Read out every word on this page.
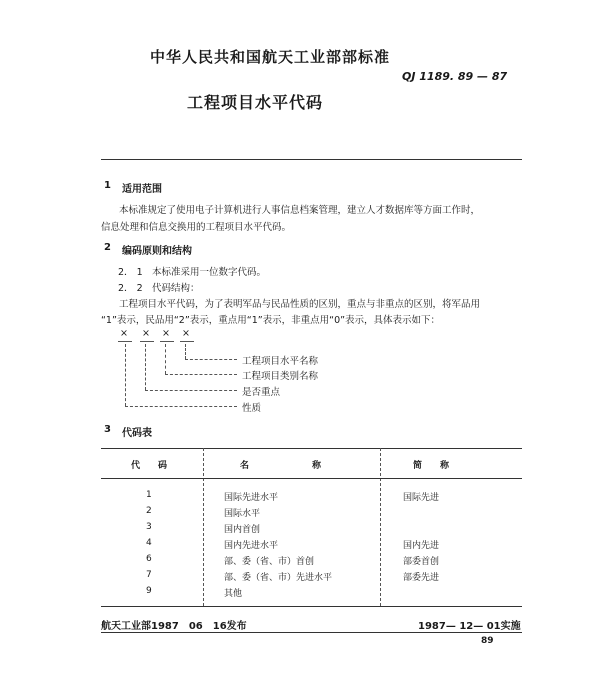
中华人民共和国航天工业部部标准
QJ 1189. 89 — 87
工程项目水平代码
1 适用范围
本标准规定了使用电子计算机进行人事信息档案管理，建立人才数据库等方面工作时，
信息处理和信息交换用的工程项目水平代码。
2 编码原则和结构
2． 1 本标准采用一位数字代码。
2． 2 代码结构：
工程项目水平代码，为了表明军品与民品性质的区别，重点与非重点的区别，将军品用
“1”表示，民品用“2”表示，重点用“1”表示，非重点用“0”表示，具体表示如下：
× × × ×
工程项目水平名称
工程项目类别名称
是否重点
性质
3 代码表
代　　码	名　　　　　　　称	简　　称
1	国际先进水平	国际先进
2	国际水平
3	国内首创
4	国内先进水平	国内先进
6	部、委（省、市）首创	部委首创
7	部、委（省、市）先进水平	部委先进
9	其他
航天工业部1987　06　16发布	1987— 12— 01实施
89
